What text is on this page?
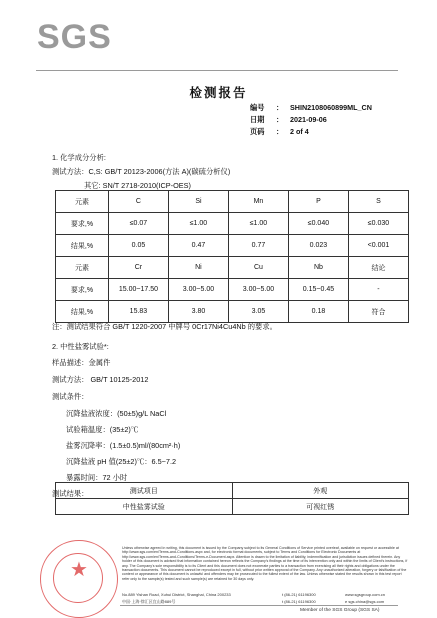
SGS
检测报告
编号 ： SHIN2108060899ML_CN
日期 ： 2021-09-06
页码 ： 2 of 4
1. 化学成分分析:
测试方法：C,S: GB/T 20123-2006(方法 A)(碳硫分析仪)
其它: SN/T 2718-2010(ICP-OES)
元素	C	Si	Mn	P	S
要求,%	≤0.07	≤1.00	≤1.00	≤0.040	≤0.030
结果,%	0.05	0.47	0.77	0.023	<0.001
元素	Cr	Ni	Cu	Nb	结论
要求,%	15.00~17.50	3.00~5.00	3.00~5.00	0.15~0.45	-
结果,%	15.83	3.80	3.05	0.18	符合
注：测试结果符合 GB/T 1220-2007 中牌号 0Cr17Ni4Cu4Nb 的要求。
2. 中性盐雾试验*:
样品描述：金属件
测试方法： GB/T 10125-2012
测试条件：
沉降盐液浓度：(50±5)g/L NaCl
试验箱温度：(35±2)℃
盐雾沉降率：(1.5±0.5)ml/(80cm²·h)
沉降盐液 pH 值(25±2)℃：6.5~7.2
暴露时间：72 小时
测试结果：	测试项目	外观
中性盐雾试验	可视红锈
★
Unless otherwise agreed in writing, this document is issued by the Company subject to its General Conditions of Service printed overleaf, available on request or accessible at http://www.sgs.com/en/Terms-and-Conditions.aspx and, for electronic format documents, subject to Terms and Conditions for Electronic Documents at http://www.sgs.com/en/Terms-and-Conditions/Terms-e-Document.aspx. Attention is drawn to the limitation of liability, indemnification and jurisdiction issues defined therein. Any holder of this document is advised that information contained hereon reflects the Company's findings at the time of its intervention only and within the limits of Client's instructions, if any. The Company's sole responsibility is to its Client and this document does not exonerate parties to a transaction from exercising all their rights and obligations under the transaction documents. This document cannot be reproduced except in full, without prior written approval of the Company. Any unauthorized alteration, forgery or falsification of the content or appearance of this document is unlawful and offenders may be prosecuted to the fullest extent of the law. Unless otherwise stated the results shown in this test report refer only to the sample(s) tested and such sample(s) are retained for 30 days only.
No.889 Yishan Road, Xuhui District, Shanghai, China 200233
中国·上海·徐汇区宜山路889号
t (86-21) 61196300
t (86-21) 61196300
www.sgsgroup.com.cn
e sgs.china@sgs.com
Member of the SGS Group (SGS SA)
